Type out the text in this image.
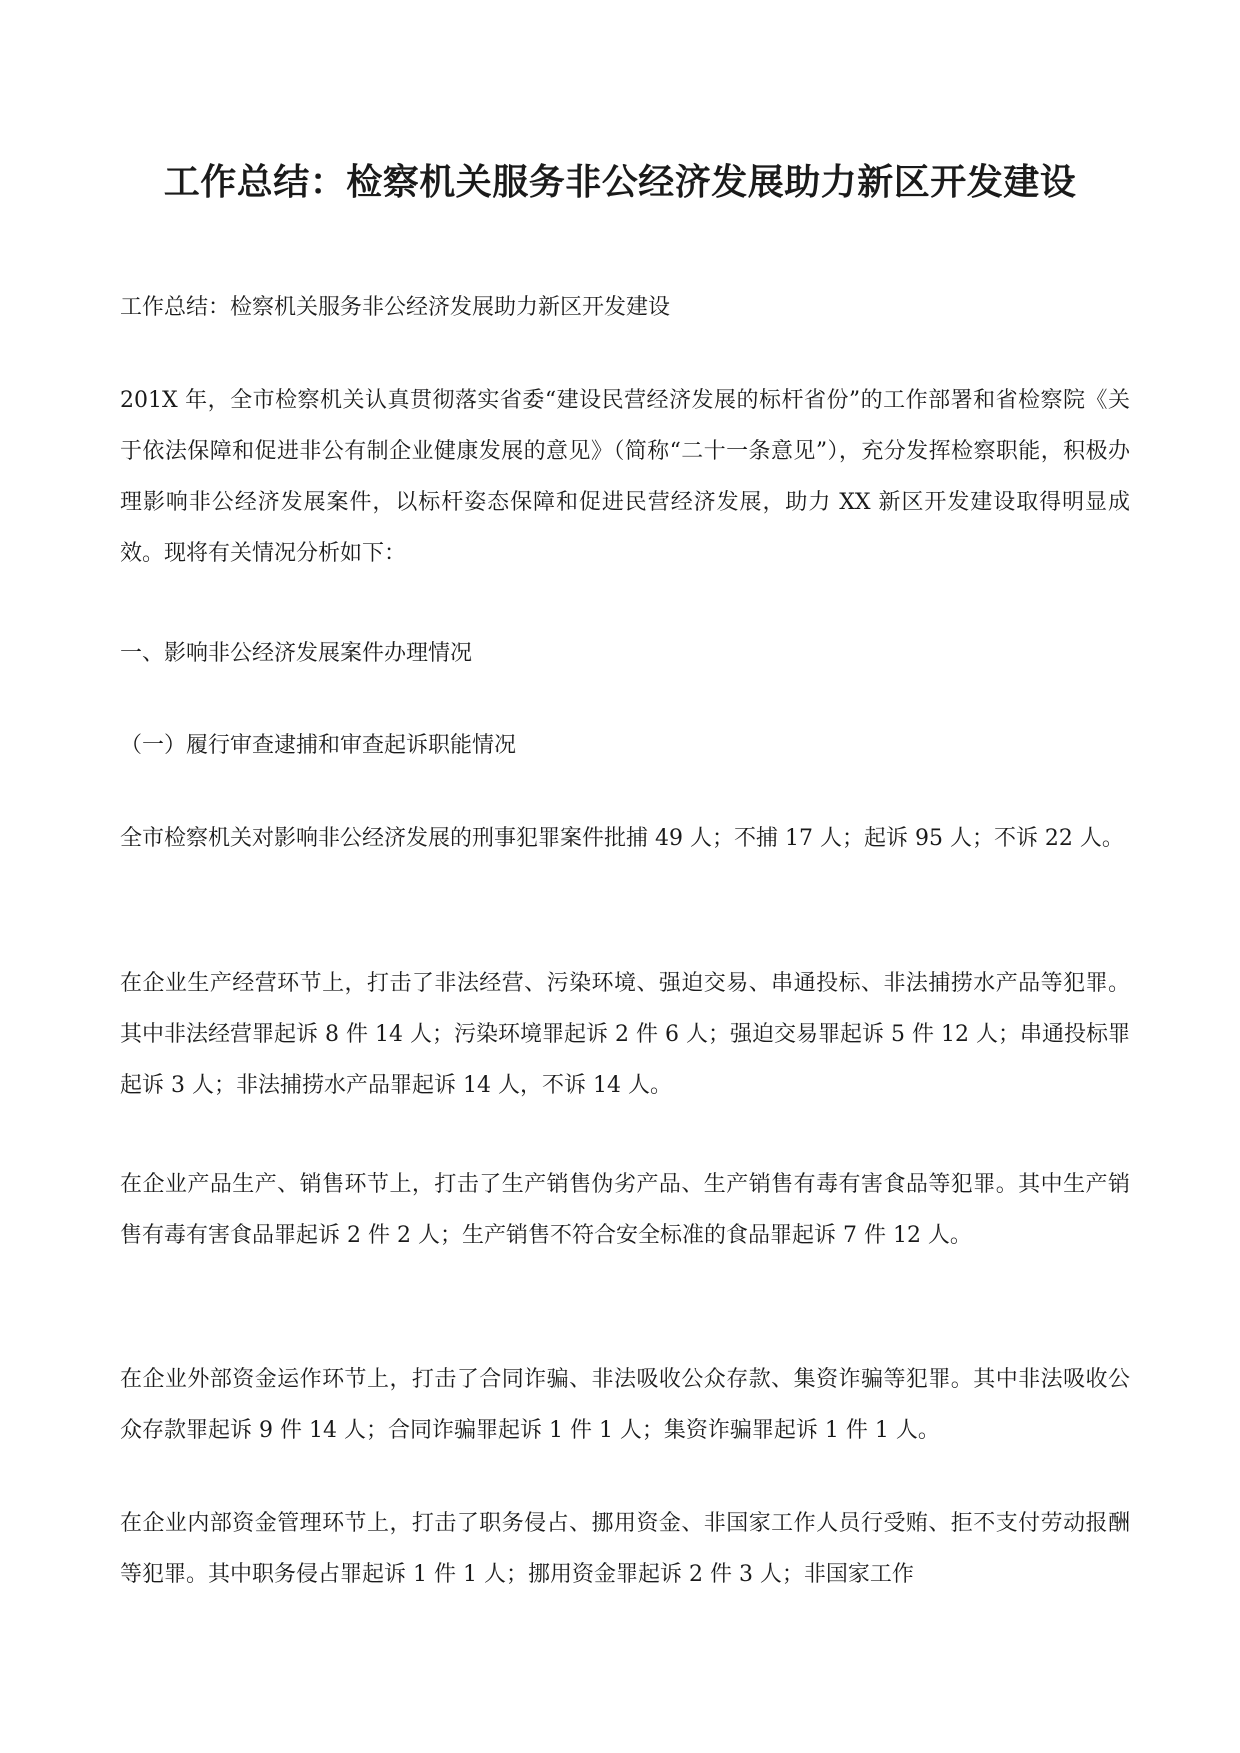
工作总结：检察机关服务非公经济发展助力新区开发建设

工作总结：检察机关服务非公经济发展助力新区开发建设

201X 年，全市检察机关认真贯彻落实省委“建设民营经济发展的标杆省份”的工作部署和省检察院《关于依法保障和促进非公有制企业健康发展的意见》（简称“二十一条意见”），充分发挥检察职能，积极办理影响非公经济发展案件，以标杆姿态保障和促进民营经济发展，助力 XX 新区开发建设取得明显成效。现将有关情况分析如下：

一、影响非公经济发展案件办理情况

（一）履行审查逮捕和审查起诉职能情况

全市检察机关对影响非公经济发展的刑事犯罪案件批捕 49 人；不捕 17 人；起诉 95 人；不诉 22 人。

在企业生产经营环节上，打击了非法经营、污染环境、强迫交易、串通投标、非法捕捞水产品等犯罪。其中非法经营罪起诉 8 件 14 人；污染环境罪起诉 2 件 6 人；强迫交易罪起诉 5 件 12 人；串通投标罪起诉 3 人；非法捕捞水产品罪起诉 14 人，不诉 14 人。

在企业产品生产、销售环节上，打击了生产销售伪劣产品、生产销售有毒有害食品等犯罪。其中生产销售有毒有害食品罪起诉 2 件 2 人；生产销售不符合安全标准的食品罪起诉 7 件 12 人。

在企业外部资金运作环节上，打击了合同诈骗、非法吸收公众存款、集资诈骗等犯罪。其中非法吸收公众存款罪起诉 9 件 14 人；合同诈骗罪起诉 1 件 1 人；集资诈骗罪起诉 1 件 1 人。

在企业内部资金管理环节上，打击了职务侵占、挪用资金、非国家工作人员行受贿、拒不支付劳动报酬等犯罪。其中职务侵占罪起诉 1 件 1 人；挪用资金罪起诉 2 件 3 人；非国家工作
